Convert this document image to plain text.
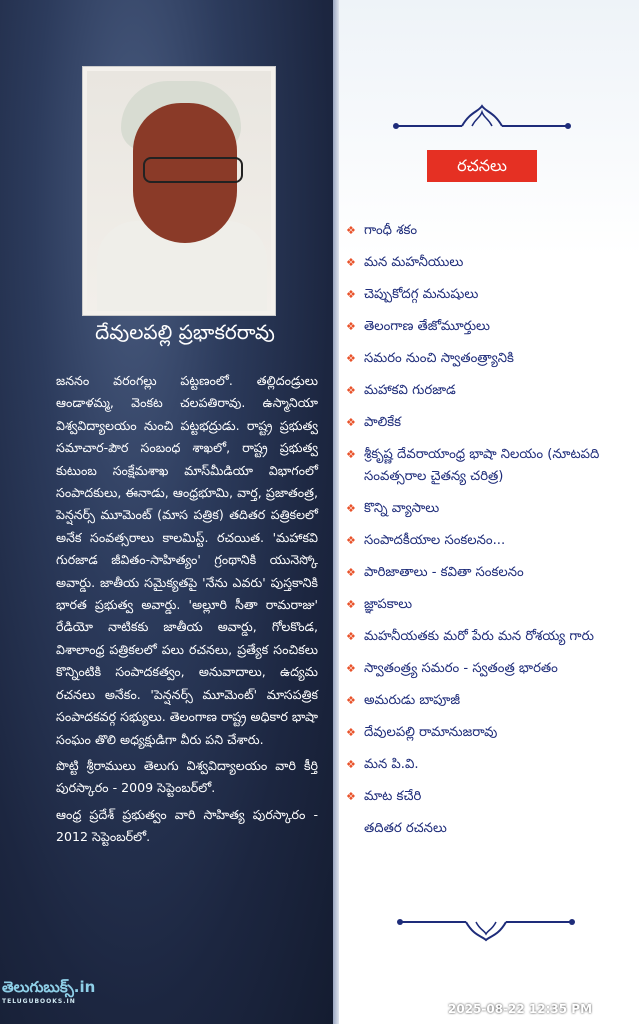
దేవులపల్లి ప్రభాకరరావు

జననం వరంగల్లు పట్టణంలో. తల్లిదండ్రులు ఆండాళమ్మ, వెంకట చలపతిరావు. ఉస్మానియా విశ్వవిద్యాలయం నుంచి పట్టభద్రుడు. రాష్ట్ర ప్రభుత్వ సమాచార-పౌర సంబంధ శాఖలో, రాష్ట్ర ప్రభుత్వ కుటుంబ సంక్షేమశాఖ మాస్‌మీడియా విభాగంలో సంపాదకులు, ఈనాడు, ఆంధ్రభూమి, వార్త, ప్రజాతంత్ర, పెన్షనర్స్ మూమెంట్ (మాస పత్రిక) తదితర పత్రికలలో అనేక సంవత్సరాలు కాలమిస్ట్. రచయిత. 'మహాకవి గురజాడ జీవితం-సాహిత్యం' గ్రంథానికి యునెస్కో అవార్డు. జాతీయ సమైక్యతపై 'నేను ఎవరు' పుస్తకానికి భారత ప్రభుత్వ అవార్డు. 'అల్లూరి సీతా రామరాజు' రేడియో నాటికకు జాతీయ అవార్డు, గోలకొండ, విశాలాంధ్ర పత్రికలలో పలు రచనలు, ప్రత్యేక సంచికలు కొన్నింటికి సంపాదకత్వం, అనువాదాలు, ఉద్యమ రచనలు అనేకం. 'పెన్షనర్స్ మూమెంట్' మాసపత్రిక సంపాదకవర్గ సభ్యులు. తెలంగాణ రాష్ట్ర అధికార భాషా సంఘం తొలి అధ్యక్షుడిగా వీరు పని చేశారు.

పొట్టి శ్రీరాములు తెలుగు విశ్వవిద్యాలయం వారి కీర్తి పురస్కారం - 2009 సెప్టెంబర్‌లో.

ఆంధ్ర ప్రదేశ్ ప్రభుత్వం వారి సాహిత్య పురస్కారం - 2012 సెప్టెంబర్‌లో.

తెలుగుబుక్స్.in
TELUGUBOOKS.IN
రచనలు
❖ గాంధీ శకం
❖ మన మహనీయులు
❖ చెప్పుకోదగ్గ మనుషులు
❖ తెలంగాణ తేజోమూర్తులు
❖ సమరం నుంచి స్వాతంత్ర్యానికి
❖ మహాకవి గురజాడ
❖ పాలికేక
❖ శ్రీకృష్ణ దేవరాయాంధ్ర భాషా నిలయం (నూటపది సంవత్సరాల చైతన్య చరిత్ర)
❖ కొన్ని వ్యాసాలు
❖ సంపాదకీయాల సంకలనం...
❖ పారిజాతాలు - కవితా సంకలనం
❖ జ్ఞాపకాలు
❖ మహనీయతకు మరో పేరు మన రోశయ్య గారు
❖ స్వాతంత్ర్య సమరం - స్వతంత్ర భారతం
❖ అమరుడు బాపూజీ
❖ దేవులపల్లి రామానుజరావు
❖ మన పి.వి.
❖ మాట కచేరి
తదితర రచనలు
2025-08-22 12:35 PM
